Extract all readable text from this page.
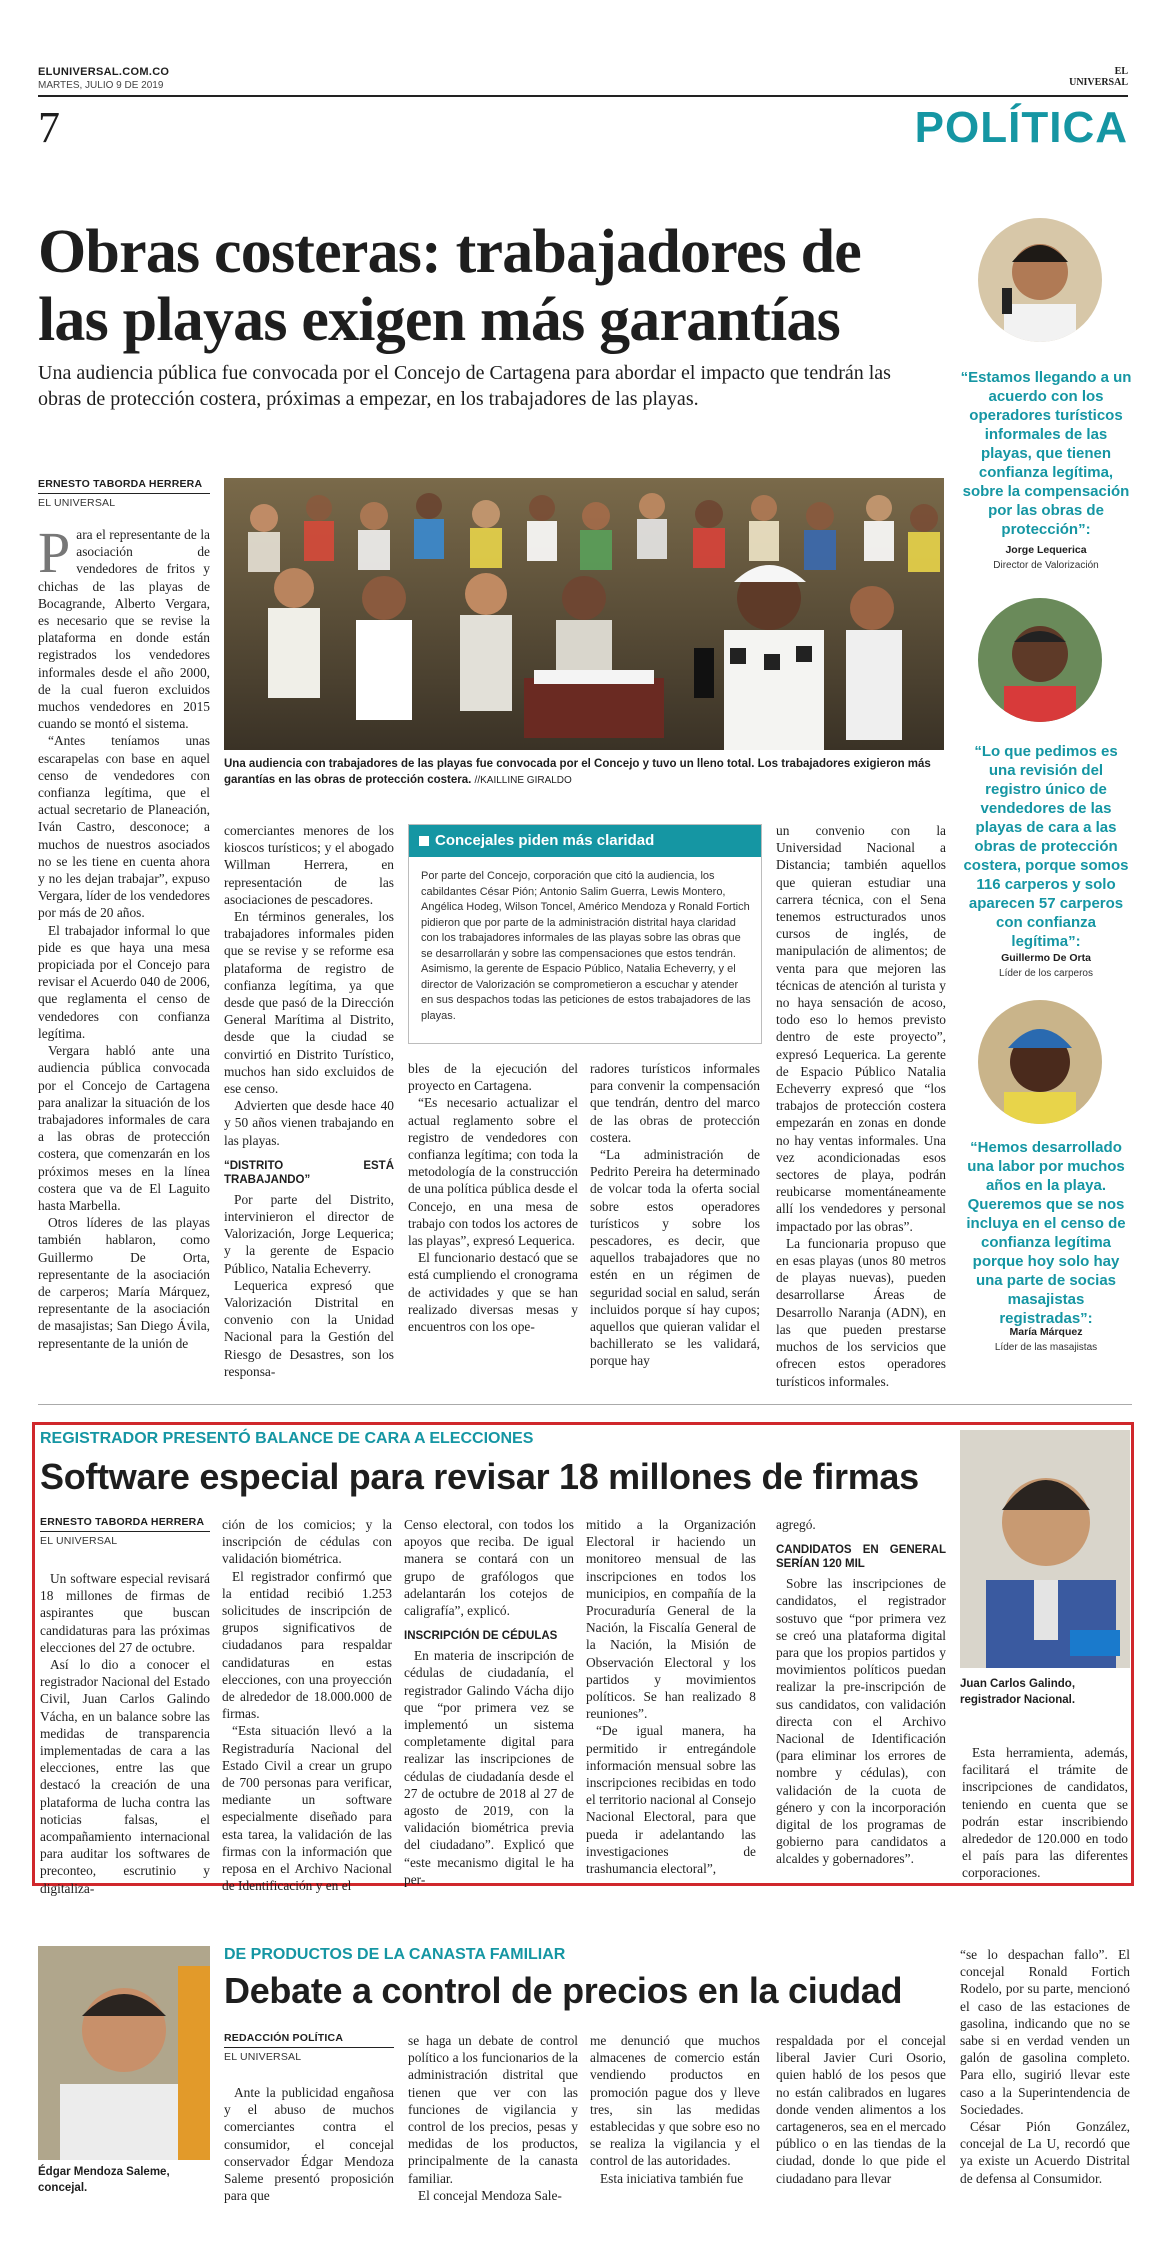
ELUNIVERSAL.COM.CO
MARTES, JULIO 9 DE 2019
EL
UNIVERSAL
7	POLÍTICA
Obras costeras: trabajadores de las playas exigen más garantías
Una audiencia pública fue convocada por el Concejo de Cartagena para abordar el impacto que tendrán las obras de protección costera, próximas a empezar, en los trabajadores de las playas.
ERNESTO TABORDA HERRERA
EL UNIVERSAL
Una audiencia con trabajadores de las playas fue convocada por el Concejo y tuvo un lleno total. Los trabajadores exigieron más garantías en las obras de protección costera. //KAILLINE GIRALDO
P ara el representante de la asociación de vendedores de fritos y chichas de las playas de Bocagrande, Alberto Vergara, es necesario que se revise la plataforma en donde están registrados los vendedores informales desde el año 2000, de la cual fueron excluidos muchos vendedores en 2015 cuando se montó el sistema.

“Antes teníamos unas escarapelas con base en aquel censo de vendedores con confianza legítima, que el actual secretario de Planeación, Iván Castro, desconoce; a muchos de nuestros asociados no se les tiene en cuenta ahora y no les dejan trabajar”, expuso Vergara, líder de los vendedores por más de 20 años.

El trabajador informal lo que pide es que haya una mesa propiciada por el Concejo para revisar el Acuerdo 040 de 2006, que reglamenta el censo de vendedores con confianza legítima.

Vergara habló ante una audiencia pública convocada por el Concejo de Cartagena para analizar la situación de los trabajadores informales de cara a las obras de protección costera, que comenzarán en los próximos meses en la línea costera que va de El Laguito hasta Marbella.

Otros líderes de las playas también hablaron, como Guillermo De Orta, representante de la asociación de carperos; María Márquez, representante de la asociación de masajistas; San Diego Ávila, representante de la unión de

comerciantes menores de los kioscos turísticos; y el abogado Willman Herrera, en representación de las asociaciones de pescadores.

En términos generales, los trabajadores informales piden que se revise y se reforme esa plataforma de registro de confianza legítima, ya que desde que pasó de la Dirección General Marítima al Distrito, desde que la ciudad se convirtió en Distrito Turístico, muchos han sido excluidos de ese censo.

Advierten que desde hace 40 y 50 años vienen trabajando en las playas.

“DISTRITO ESTÁ TRABAJANDO”

Por parte del Distrito, intervinieron el director de Valorización, Jorge Lequerica; y la gerente de Espacio Público, Natalia Echeverry.

Lequerica expresó que Valorización Distrital en convenio con la Unidad Nacional para la Gestión del Riesgo de Desastres, son los responsa-

Concejales piden más claridad
Por parte del Concejo, corporación que citó la audiencia, los cabildantes César Pión; Antonio Salim Guerra, Lewis Montero, Angélica Hodeg, Wilson Toncel, Américo Mendoza y Ronald Fortich pidieron que por parte de la administración distrital haya claridad con los trabajadores informales de las playas sobre las obras que se desarrollarán y sobre las compensaciones que estos tendrán. Asimismo, la gerente de Espacio Público, Natalia Echeverry, y el director de Valorización se comprometieron a escuchar y atender en sus despachos todas las peticiones de estos trabajadores de las playas.

bles de la ejecución del proyecto en Cartagena.

“Es necesario actualizar el actual reglamento sobre el registro de vendedores con confianza legítima; con toda la metodología de la construcción de una política pública desde el Concejo, en una mesa de trabajo con todos los actores de las playas”, expresó Lequerica.

El funcionario destacó que se está cumpliendo el cronograma de actividades y que se han realizado diversas mesas y encuentros con los ope-

radores turísticos informales para convenir la compensación que tendrán, dentro del marco de las obras de protección costera.

“La administración de Pedrito Pereira ha determinado de volcar toda la oferta social sobre estos operadores turísticos y sobre los pescadores, es decir, que aquellos trabajadores que no estén en un régimen de seguridad social en salud, serán incluidos porque sí hay cupos; aquellos que quieran validar el bachillerato se les validará, porque hay

un convenio con la Universidad Nacional a Distancia; también aquellos que quieran estudiar una carrera técnica, con el Sena tenemos estructurados unos cursos de inglés, de manipulación de alimentos; de venta para que mejoren las técnicas de atención al turista y no haya sensación de acoso, todo eso lo hemos previsto dentro de este proyecto”, expresó Lequerica. La gerente de Espacio Público Natalia Echeverry expresó que “los trabajos de protección costera empezarán en zonas en donde no hay ventas informales. Una vez acondicionadas esos sectores de playa, podrán reubicarse momentáneamente allí los vendedores y personal impactado por las obras”.

La funcionaria propuso que en esas playas (unos 80 metros de playas nuevas), pueden desarrollarse Áreas de Desarrollo Naranja (ADN), en las que pueden prestarse muchos de los servicios que ofrecen estos operadores turísticos informales.

“Estamos llegando a un acuerdo con los operadores turísticos informales de las playas, que tienen confianza legítima, sobre la compensación por las obras de protección”:
Jorge Lequerica
Director de Valorización
“Lo que pedimos es una revisión del registro único de vendedores de las playas de cara a las obras de protección costera, porque somos 116 carperos y solo aparecen 57 carperos con confianza legítima”:
Guillermo De Orta
Líder de los carperos
“Hemos desarrollado una labor por muchos años en la playa. Queremos que se nos incluya en el censo de confianza legítima porque hoy solo hay una parte de socias masajistas registradas”:
María Márquez
Líder de las masajistas
REGISTRADOR PRESENTÓ BALANCE DE CARA A ELECCIONES
Software especial para revisar 18 millones de firmas
ERNESTO TABORDA HERRERA
EL UNIVERSAL
Juan Carlos Galindo, registrador Nacional.

Un software especial revisará 18 millones de firmas de aspirantes que buscan candidaturas para las próximas elecciones del 27 de octubre.

Así lo dio a conocer el registrador Nacional del Estado Civil, Juan Carlos Galindo Vácha, en un balance sobre las medidas de transparencia implementadas de cara a las elecciones, entre las que destacó la creación de una plataforma de lucha contra las noticias falsas, el acompañamiento internacional para auditar los softwares de preconteo, escrutinio y digitaliza-

ción de los comicios; y la inscripción de cédulas con validación biométrica.

El registrador confirmó que la entidad recibió 1.253 solicitudes de inscripción de grupos significativos de ciudadanos para respaldar candidaturas en estas elecciones, con una proyección de alrededor de 18.000.000 de firmas.

“Esta situación llevó a la Registraduría Nacional del Estado Civil a crear un grupo de 700 personas para verificar, mediante un software especialmente diseñado para esta tarea, la validación de las firmas con la información que reposa en el Archivo Nacional de Identificación y en el

Censo electoral, con todos los apoyos que reciba. De igual manera se contará con un grupo de grafólogos que adelantarán los cotejos de caligrafía”, explicó.

INSCRIPCIÓN DE CÉDULAS

En materia de inscripción de cédulas de ciudadanía, el registrador Galindo Vácha dijo que “por primera vez se implementó un sistema completamente digital para realizar las inscripciones de cédulas de ciudadanía desde el 27 de octubre de 2018 al 27 de agosto de 2019, con la validación biométrica previa del ciudadano”. Explicó que “este mecanismo digital le ha per-

mitido a la Organización Electoral ir haciendo un monitoreo mensual de las inscripciones en todos los municipios, en compañía de la Procuraduría General de la Nación, la Fiscalía General de la Nación, la Misión de Observación Electoral y los partidos y movimientos políticos. Se han realizado 8 reuniones”.

“De igual manera, ha permitido ir entregándole información mensual sobre las inscripciones recibidas en todo el territorio nacional al Consejo Nacional Electoral, para que pueda ir adelantando las investigaciones de trashumancia electoral”,

agregó.

CANDIDATOS EN GENERAL SERÍAN 120 MIL

Sobre las inscripciones de candidatos, el registrador sostuvo que “por primera vez se creó una plataforma digital para que los propios partidos y movimientos políticos puedan realizar la pre-inscripción de sus candidatos, con validación directa con el Archivo Nacional de Identificación (para eliminar los errores de nombre y cédulas), con validación de la cuota de género y con la incorporación digital de los programas de gobierno para candidatos a alcaldes y gobernadores”.

Esta herramienta, además, facilitará el trámite de inscripciones de candidatos, teniendo en cuenta que se podrán estar inscribiendo alrededor de 120.000 en todo el país para las diferentes corporaciones.

Édgar Mendoza Saleme, concejal.
DE PRODUCTOS DE LA CANASTA FAMILIAR
Debate a control de precios en la ciudad
REDACCIÓN POLÍTICA
EL UNIVERSAL

Ante la publicidad engañosa y el abuso de muchos comerciantes contra el consumidor, el concejal conservador Édgar Mendoza Saleme presentó proposición para que

se haga un debate de control político a los funcionarios de la administración distrital que tienen que ver con las funciones de vigilancia y control de los precios, pesas y medidas de los productos, principalmente de la canasta familiar.

El concejal Mendoza Sale-

me denunció que muchos almacenes de comercio están vendiendo productos en promoción pague dos y lleve tres, sin las medidas establecidas y que sobre eso no se realiza la vigilancia y el control de las autoridades.

Esta iniciativa también fue

respaldada por el concejal liberal Javier Curi Osorio, quien habló de los pesos que no están calibrados en lugares donde venden alimentos a los cartageneros, sea en el mercado público o en las tiendas de la ciudad, donde lo que pide el ciudadano para llevar

“se lo despachan fallo”. El concejal Ronald Fortich Rodelo, por su parte, mencionó el caso de las estaciones de gasolina, indicando que no se sabe si en verdad venden un galón de gasolina completo. Para ello, sugirió llevar este caso a la Superintendencia de Sociedades.

César Pión González, concejal de La U, recordó que ya existe un Acuerdo Distrital de defensa al Consumidor.
